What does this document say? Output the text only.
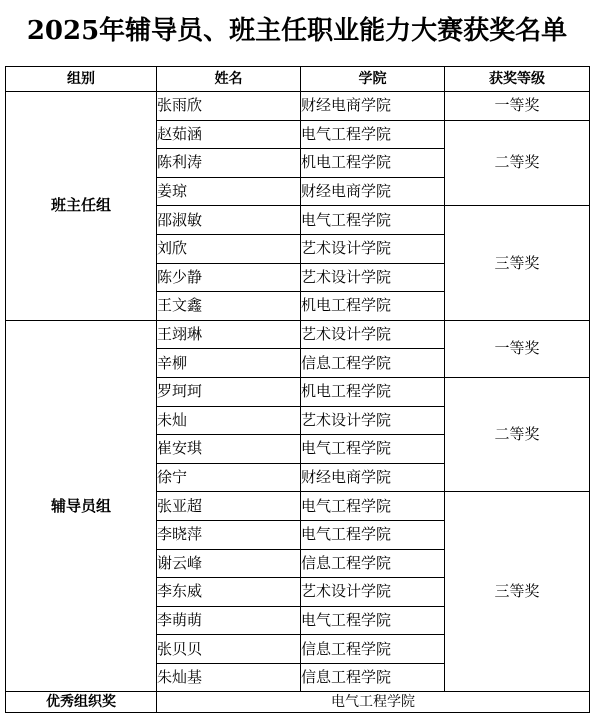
2025年辅导员、班主任职业能力大赛获奖名单
组别	姓名	学院	获奖等级
班主任组	张雨欣	财经电商学院	一等奖
	赵茹涵	电气工程学院	二等奖
	陈利涛	机电工程学院	
	姜琼	财经电商学院	
	邵淑敏	电气工程学院	三等奖
	刘欣	艺术设计学院	
	陈少静	艺术设计学院	
	王文鑫	机电工程学院	
辅导员组	王翊琳	艺术设计学院	一等奖
	辛柳	信息工程学院	
	罗珂珂	机电工程学院	二等奖
	未灿	艺术设计学院	
	崔安琪	电气工程学院	
	徐宁	财经电商学院	
	张亚超	电气工程学院	三等奖
	李晓萍	电气工程学院	
	谢云峰	信息工程学院	
	李东威	艺术设计学院	
	李萌萌	电气工程学院	
	张贝贝	信息工程学院	
	朱灿基	信息工程学院	
优秀组织奖	电气工程学院		
